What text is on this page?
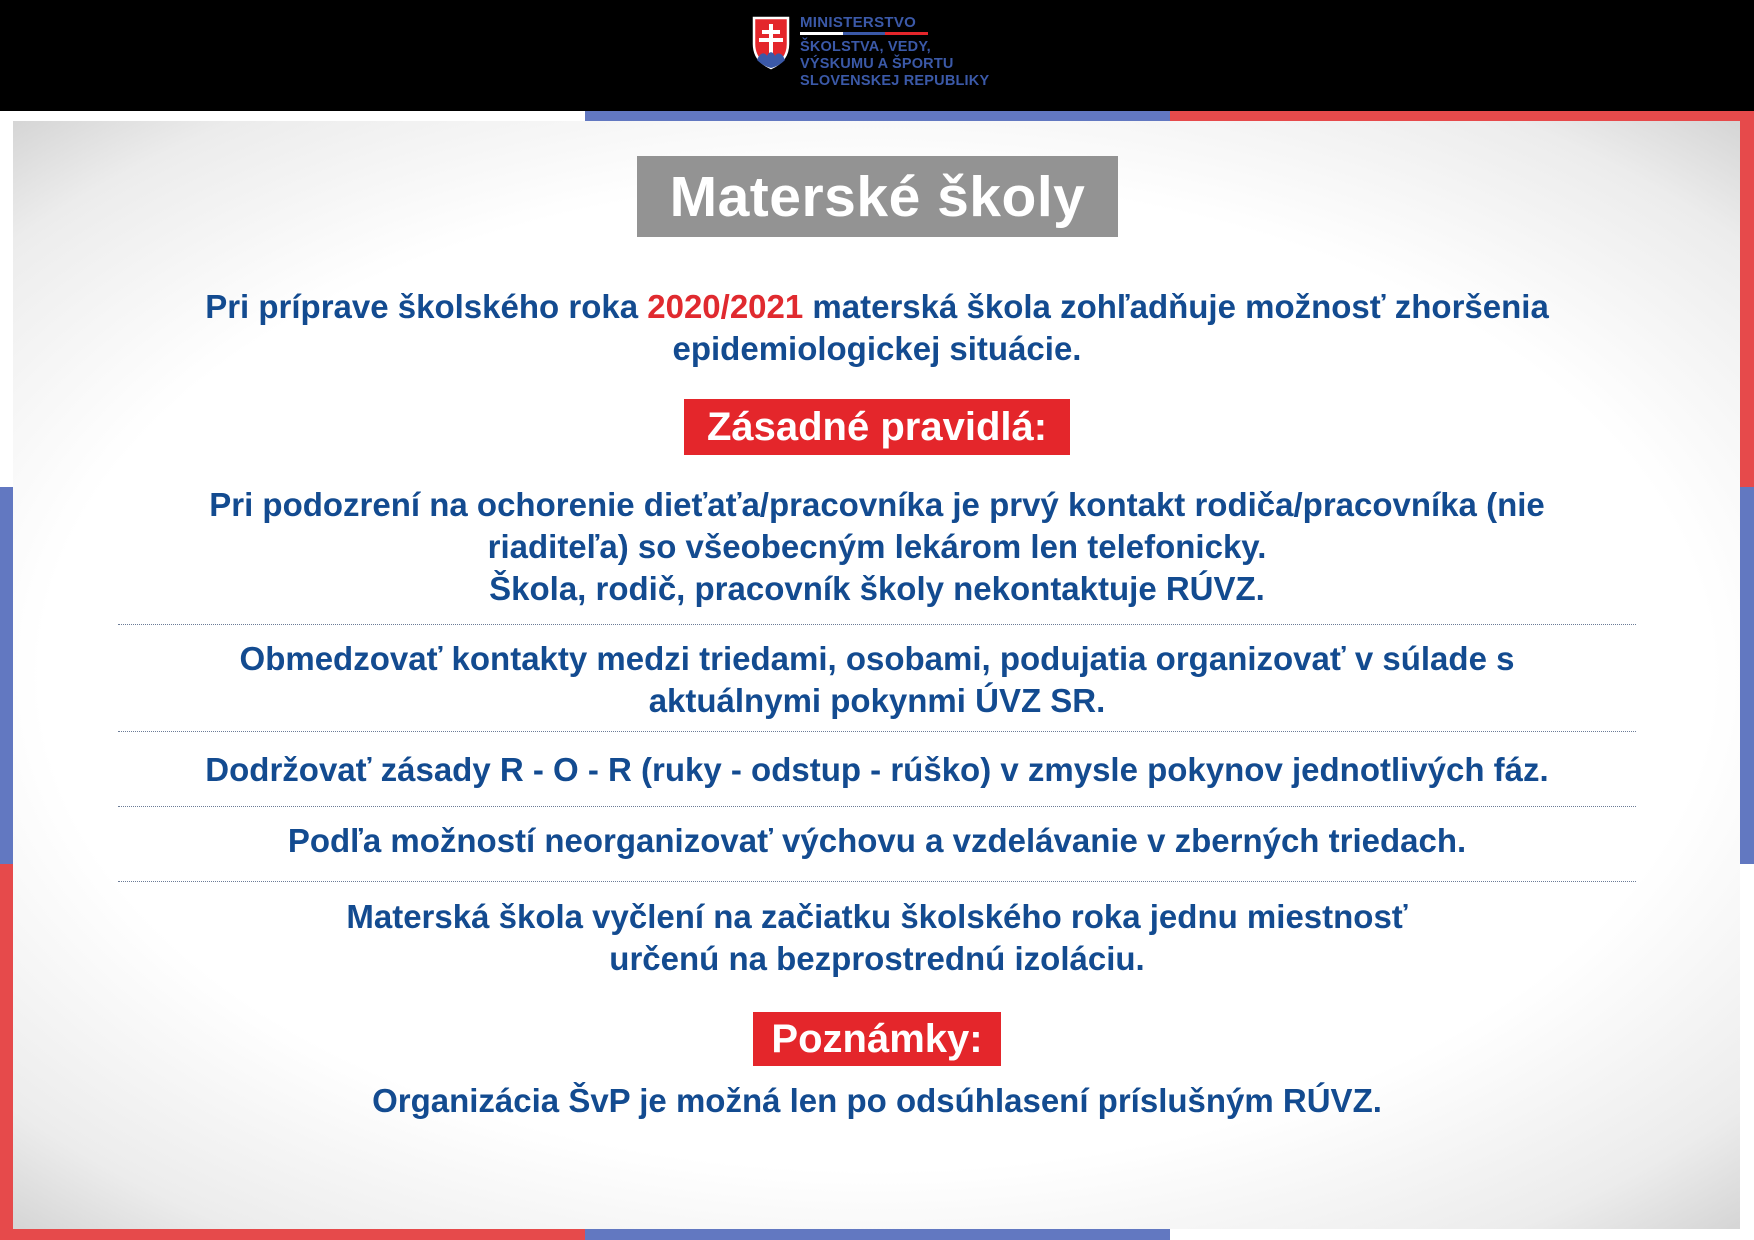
MINISTERSTVO
ŠKOLSTVA, VEDY,
VÝSKUMU A ŠPORTU
SLOVENSKEJ REPUBLIKY
Materské školy
Pri príprave školského roka 2020/2021 materská škola zohľadňuje možnosť zhoršenia epidemiologickej situácie.
Zásadné pravidlá:
Pri podozrení na ochorenie dieťaťa/pracovníka je prvý kontakt rodiča/pracovníka (nie riaditeľa) so všeobecným lekárom len telefonicky.
Škola, rodič, pracovník školy nekontaktuje RÚVZ.
Obmedzovať kontakty medzi triedami, osobami, podujatia organizovať v súlade s aktuálnymi pokynmi ÚVZ SR.
Dodržovať zásady R - O - R (ruky - odstup - rúško) v zmysle pokynov jednotlivých fáz.
Podľa možností neorganizovať výchovu a vzdelávanie v zberných triedach.
Materská škola vyčlení na začiatku školského roka jednu miestnosť určenú na bezprostrednú izoláciu.
Poznámky:
Organizácia ŠvP je možná len po odsúhlasení príslušným RÚVZ.
